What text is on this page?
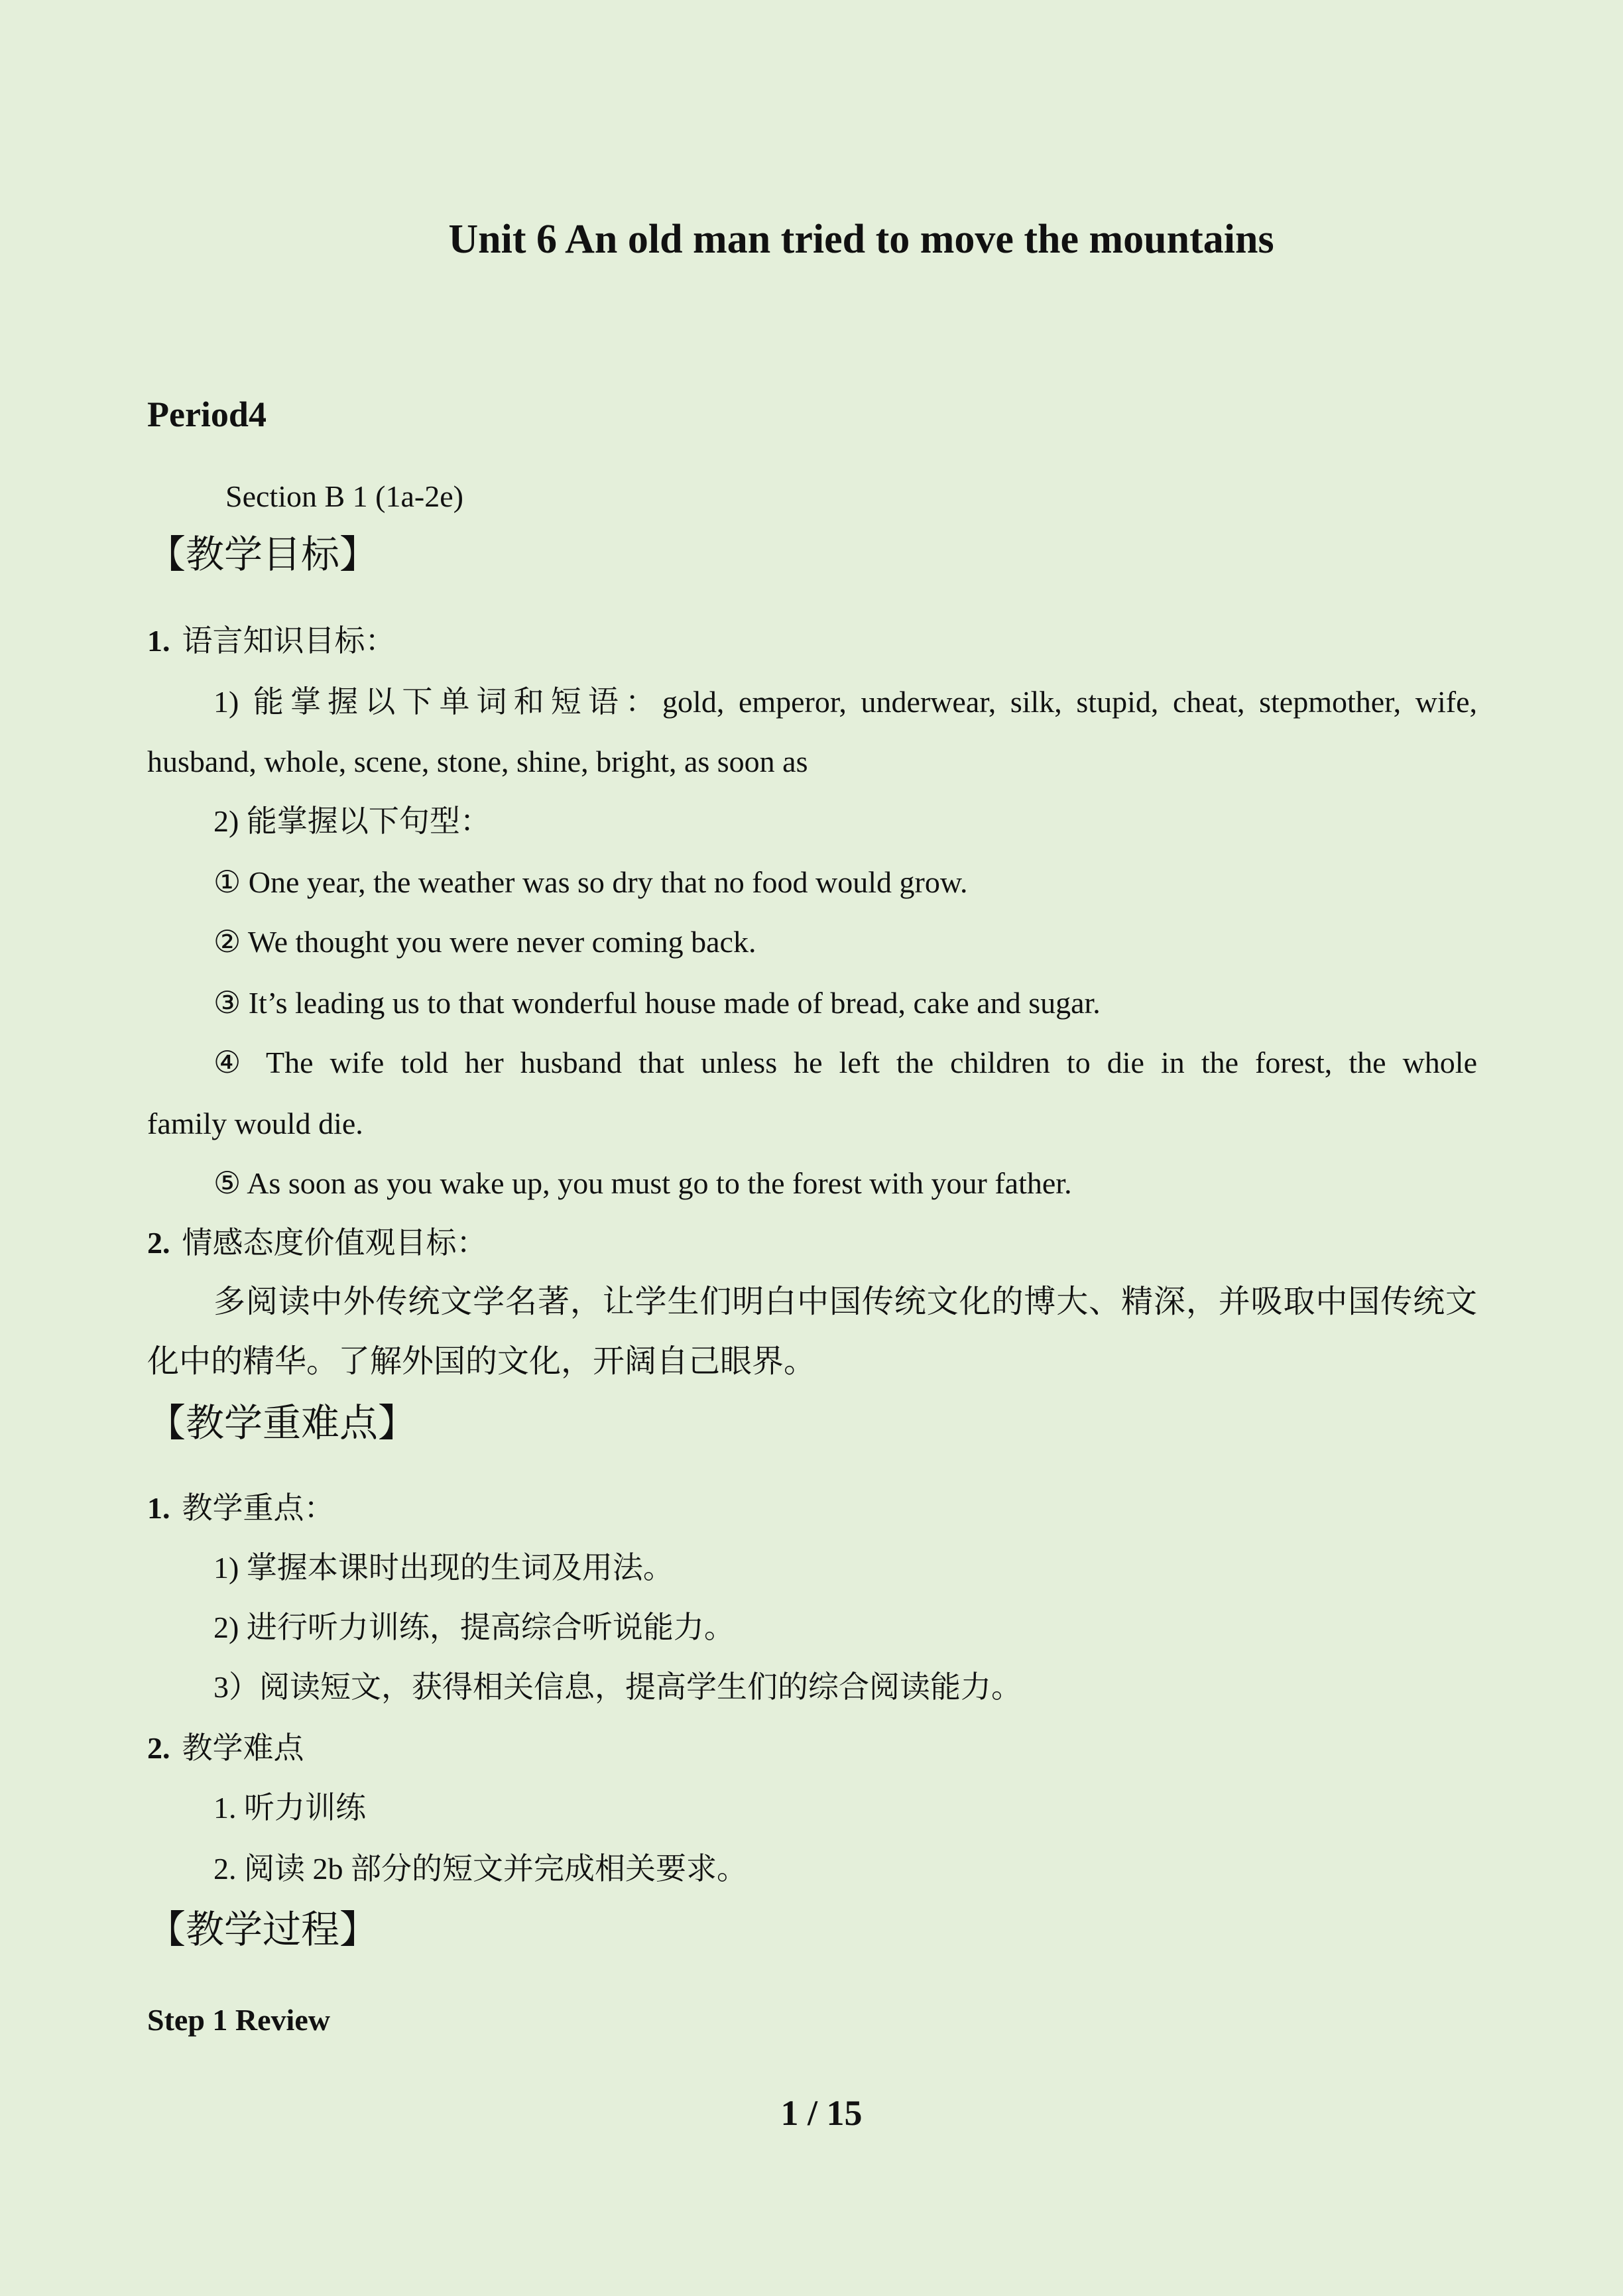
Unit 6 An old man tried to move the mountains
Period4
Section B 1 (1a-2e)
【教学目标】
1. 语言知识目标：
1) 能掌握以下单词和短语：gold, emperor, underwear, silk, stupid, cheat, stepmother, wife,
husband, whole, scene, stone, shine, bright, as soon as
2) 能掌握以下句型：
① One year, the weather was so dry that no food would grow.
② We thought you were never coming back.
③ It’s leading us to that wonderful house made of bread, cake and sugar.
④ The wife told her husband that unless he left the children to die in the forest, the whole
family would die.
⑤ As soon as you wake up, you must go to the forest with your father.
2. 情感态度价值观目标：
多阅读中外传统文学名著，让学生们明白中国传统文化的博大、精深，并吸取中国传统文
化中的精华。了解外国的文化，开阔自己眼界。
【教学重难点】
1. 教学重点：
1) 掌握本课时出现的生词及用法。
2) 进行听力训练，提高综合听说能力。
3）阅读短文，获得相关信息，提高学生们的综合阅读能力。
2. 教学难点
1. 听力训练
2. 阅读 2b 部分的短文并完成相关要求。
【教学过程】
Step 1 Review
1 / 15
